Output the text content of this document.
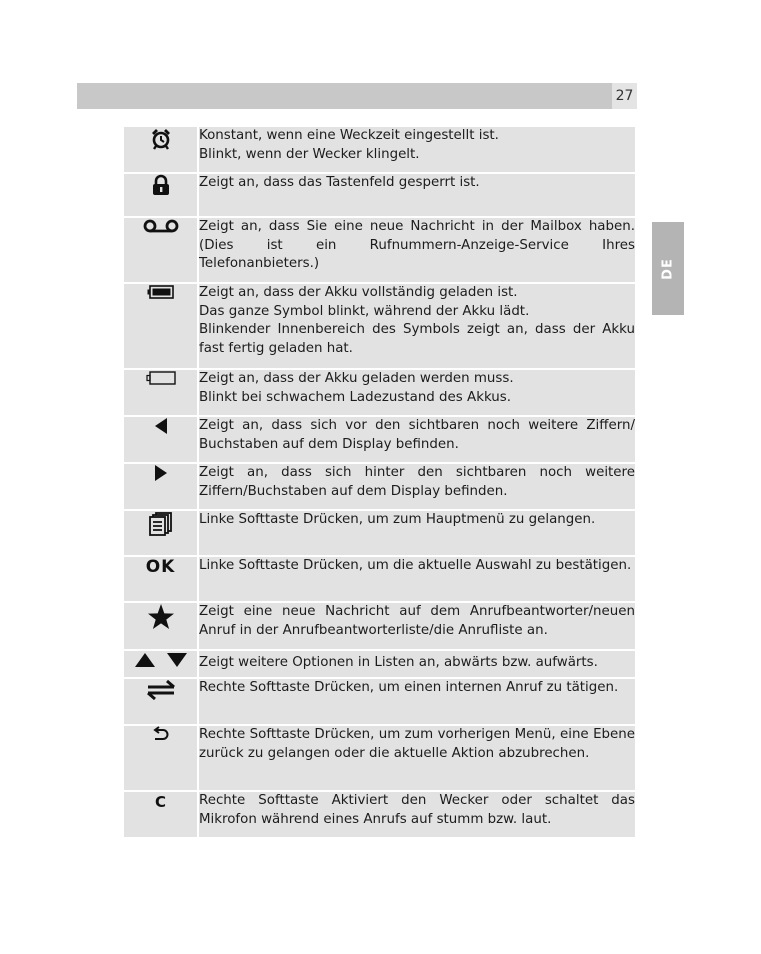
27
DE

Konstant, wenn eine Weckzeit eingestellt ist.
Blinkt, wenn der Wecker klingelt.

Zeigt an, dass das Tastenfeld gesperrt ist.

Zeigt an, dass Sie eine neue Nachricht in der Mailbox haben. (Dies ist ein Rufnummern-Anzeige-Service Ihres Telefonanbieters.)

Zeigt an, dass der Akku vollständig geladen ist.
Das ganze Symbol blinkt, während der Akku lädt.
Blinkender Innenbereich des Symbols zeigt an, dass der Akku fast fertig geladen hat.

Zeigt an, dass der Akku geladen werden muss.
Blinkt bei schwachem Ladezustand des Akkus.

Zeigt an, dass sich vor den sichtbaren noch weitere Ziffern/ Buchstaben auf dem Display befinden.

Zeigt an, dass sich hinter den sichtbaren noch weitere Ziffern/Buchstaben auf dem Display befinden.

Linke Softtaste Drücken, um zum Hauptmenü zu gelangen.

OK	Linke Softtaste Drücken, um die aktuelle Auswahl zu bestätigen.

Zeigt eine neue Nachricht auf dem Anrufbeantworter/neuen Anruf in der Anrufbeantworterliste/die Anrufliste an.

Zeigt weitere Optionen in Listen an, abwärts bzw. aufwärts.

Rechte Softtaste Drücken, um einen internen Anruf zu tätigen.

Rechte Softtaste Drücken, um zum vorherigen Menü, eine Ebene zurück zu gelangen oder die aktuelle Aktion abzubrechen.

C	Rechte Softtaste Aktiviert den Wecker oder schaltet das Mikrofon während eines Anrufs auf stumm bzw. laut.
